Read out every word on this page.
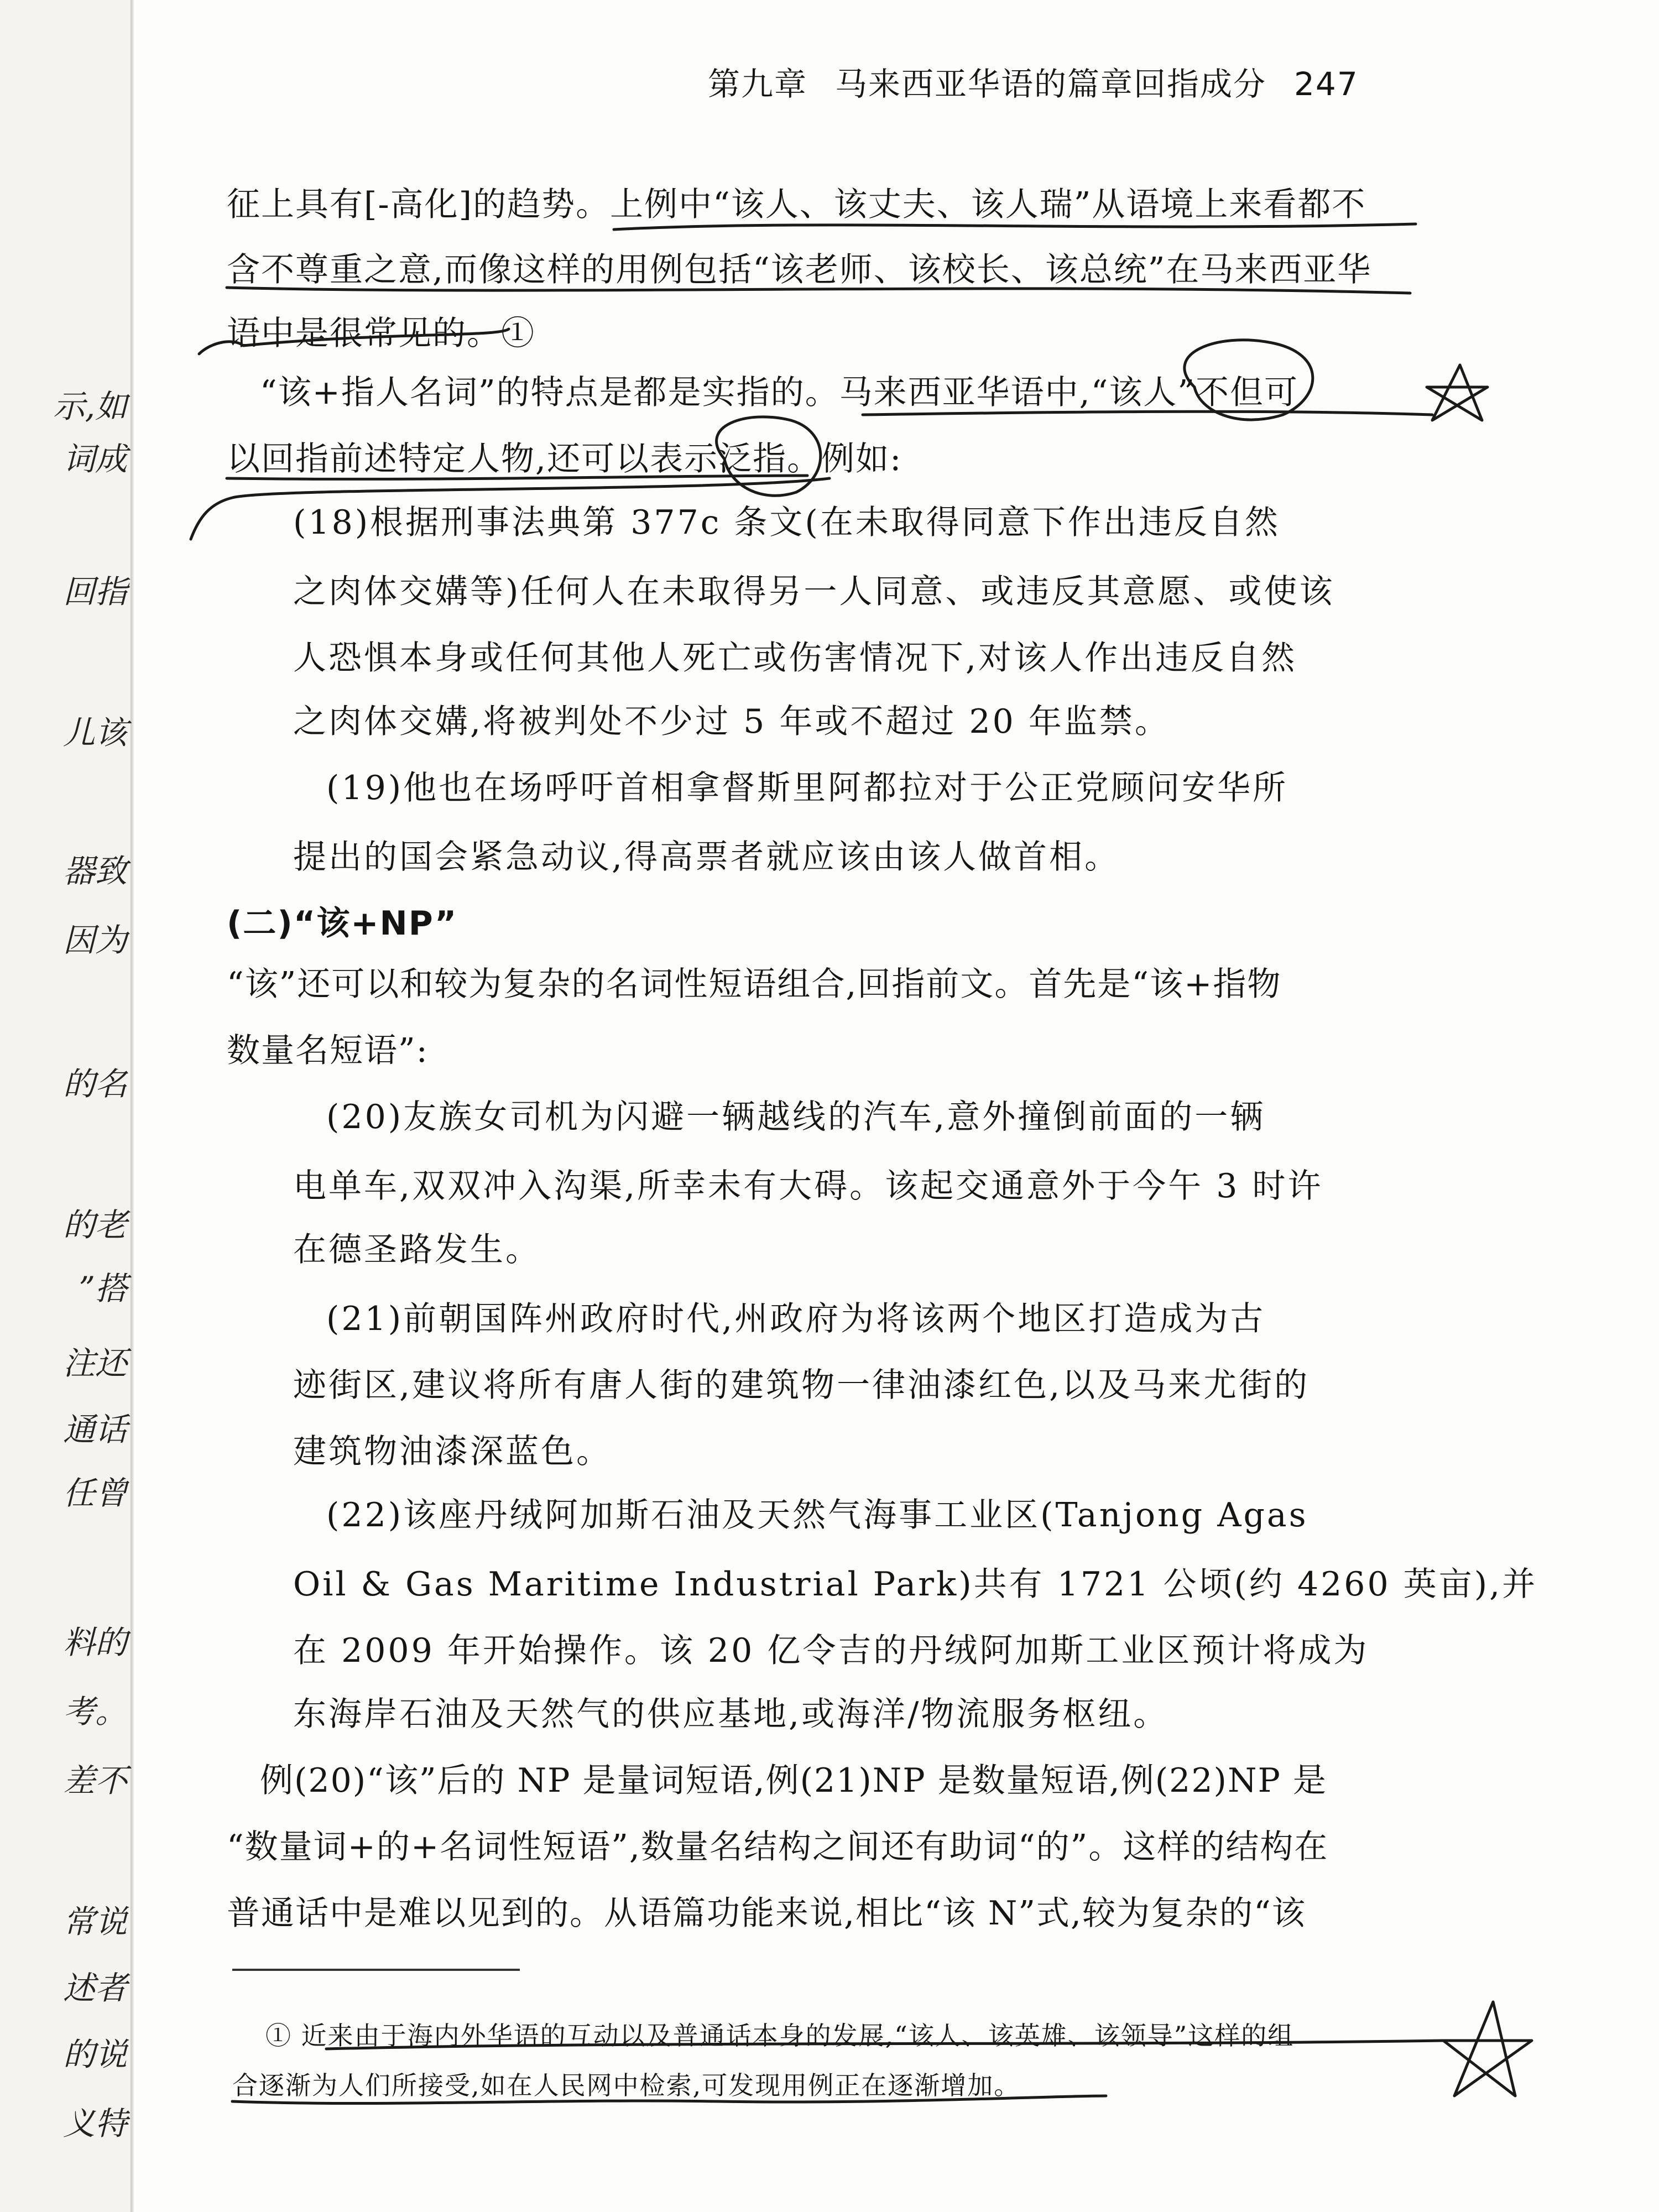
示,如
词成
回指
儿该
器致
因为
的名
的老
”搭
注还
通话
任曾
料的
考。
差不
常说
述者
的说
义特
第九章 马来西亚华语的篇章回指成分 247
征上具有[-高化]的趋势。上例中“该人、该丈夫、该人瑞”从语境上来看都不
含不尊重之意,而像这样的用例包括“该老师、该校长、该总统”在马来西亚华
语中是很常见的。①
“该+指人名词”的特点是都是实指的。马来西亚华语中,“该人”不但可
以回指前述特定人物,还可以表示泛指。例如:
(18)根据刑事法典第 377c 条文(在未取得同意下作出违反自然
之肉体交媾等)任何人在未取得另一人同意、或违反其意愿、或使该
人恐惧本身或任何其他人死亡或伤害情况下,对该人作出违反自然
之肉体交媾,将被判处不少过 5 年或不超过 20 年监禁。
(19)他也在场呼吁首相拿督斯里阿都拉对于公正党顾问安华所
提出的国会紧急动议,得高票者就应该由该人做首相。
(二)“该+NP”
“该”还可以和较为复杂的名词性短语组合,回指前文。首先是“该+指物
数量名短语”:
(20)友族女司机为闪避一辆越线的汽车,意外撞倒前面的一辆
电单车,双双冲入沟渠,所幸未有大碍。该起交通意外于今午 3 时许
在德圣路发生。
(21)前朝国阵州政府时代,州政府为将该两个地区打造成为古
迹街区,建议将所有唐人街的建筑物一律油漆红色,以及马来尤街的
建筑物油漆深蓝色。
(22)该座丹绒阿加斯石油及天然气海事工业区(Tanjong Agas
Oil & Gas Maritime Industrial Park)共有 1721 公顷(约 4260 英亩),并
在 2009 年开始操作。该 20 亿令吉的丹绒阿加斯工业区预计将成为
东海岸石油及天然气的供应基地,或海洋/物流服务枢纽。
例(20)“该”后的 NP 是量词短语,例(21)NP 是数量短语,例(22)NP 是
“数量词+的+名词性短语”,数量名结构之间还有助词“的”。这样的结构在
普通话中是难以见到的。从语篇功能来说,相比“该 N”式,较为复杂的“该
① 近来由于海内外华语的互动以及普通话本身的发展,“该人、该英雄、该领导”这样的组
合逐渐为人们所接受,如在人民网中检索,可发现用例正在逐渐增加。
